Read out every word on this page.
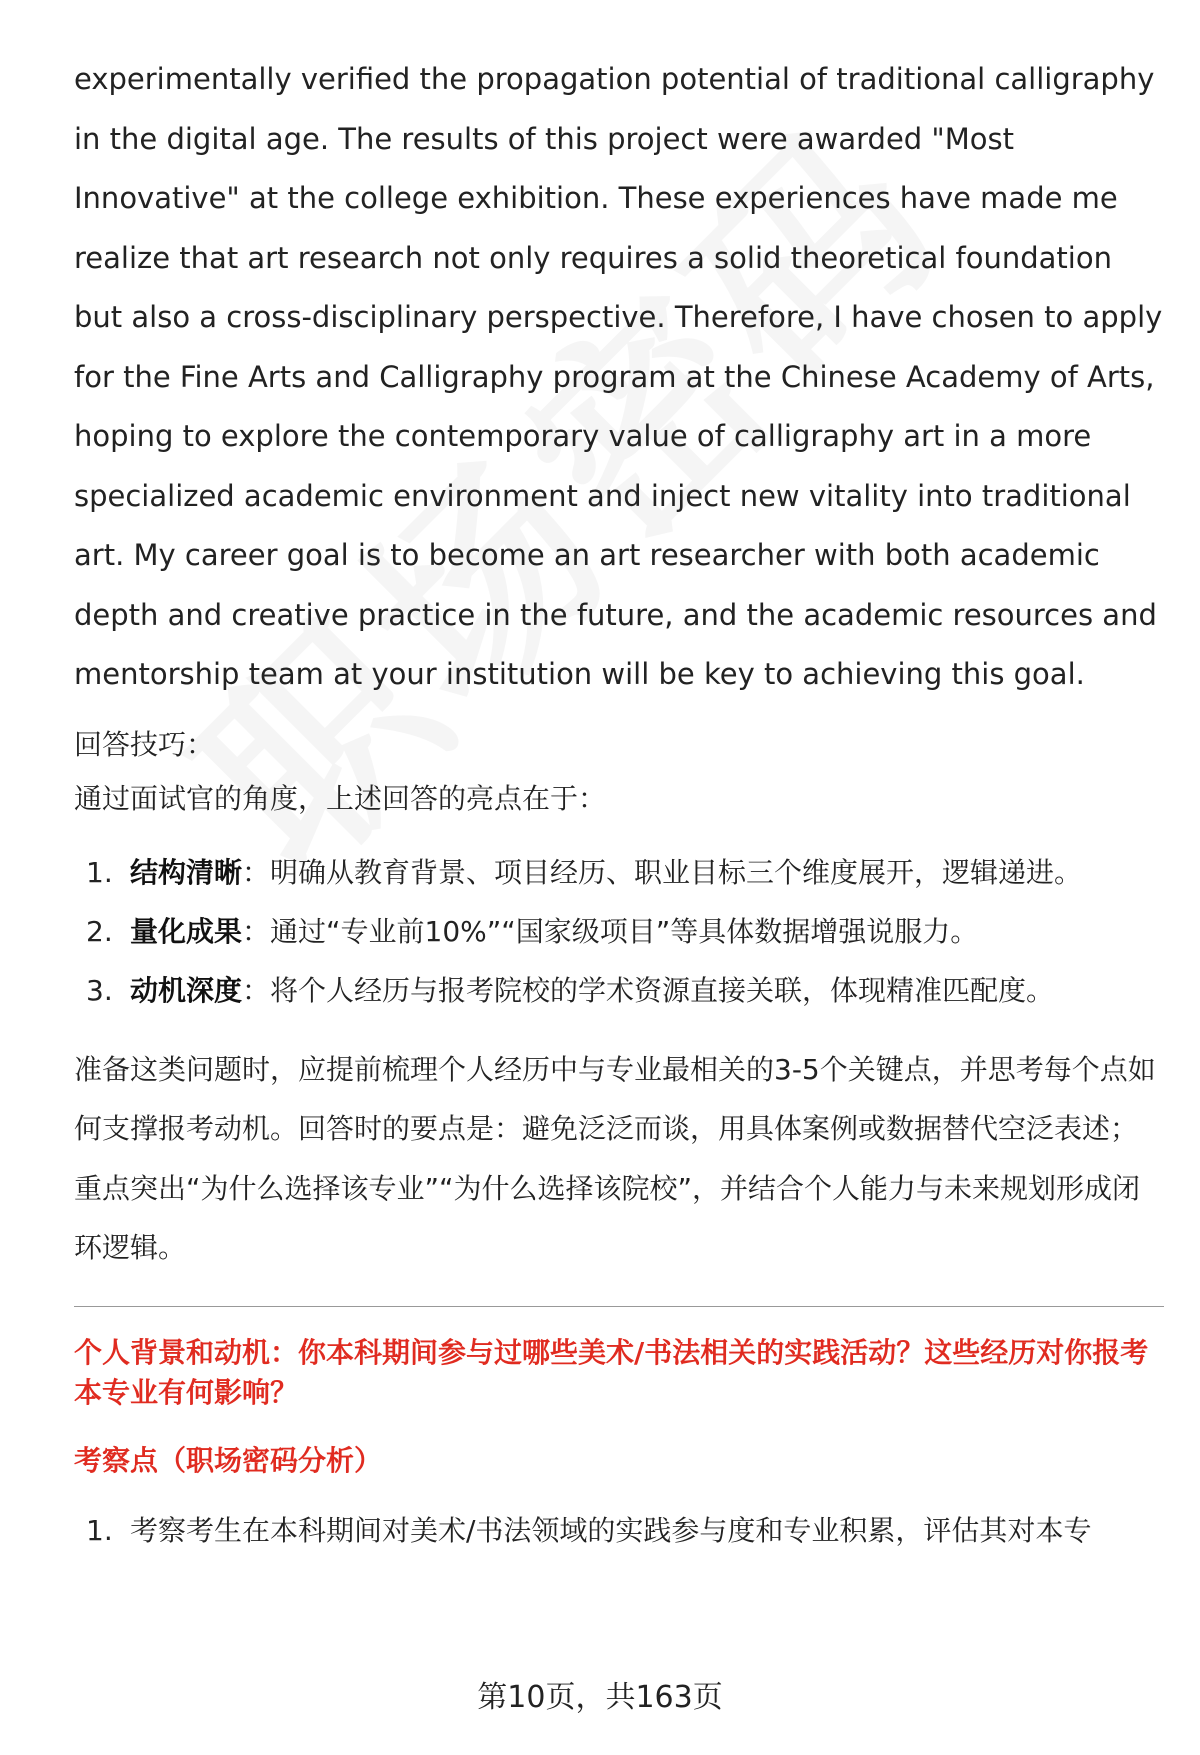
experimentally verified the propagation potential of traditional calligraphy in the digital age. The results of this project were awarded "Most Innovative" at the college exhibition. These experiences have made me realize that art research not only requires a solid theoretical foundation but also a cross-disciplinary perspective. Therefore, I have chosen to apply for the Fine Arts and Calligraphy program at the Chinese Academy of Arts, hoping to explore the contemporary value of calligraphy art in a more specialized academic environment and inject new vitality into traditional art. My career goal is to become an art researcher with both academic depth and creative practice in the future, and the academic resources and mentorship team at your institution will be key to achieving this goal.

回答技巧：

通过面试官的角度，上述回答的亮点在于：

1. 结构清晰：明确从教育背景、项目经历、职业目标三个维度展开，逻辑递进。
2. 量化成果：通过“专业前10%”“国家级项目”等具体数据增强说服力。
3. 动机深度：将个人经历与报考院校的学术资源直接关联，体现精准匹配度。

准备这类问题时，应提前梳理个人经历中与专业最相关的3-5个关键点，并思考每个点如何支撑报考动机。回答时的要点是：避免泛泛而谈，用具体案例或数据替代空泛表述；重点突出“为什么选择该专业”“为什么选择该院校”，并结合个人能力与未来规划形成闭环逻辑。

个人背景和动机：你本科期间参与过哪些美术/书法相关的实践活动？这些经历对你报考本专业有何影响？

考察点（职场密码分析）

1. 考察考生在本科期间对美术/书法领域的实践参与度和专业积累，评估其对本专
第10页，共163页
